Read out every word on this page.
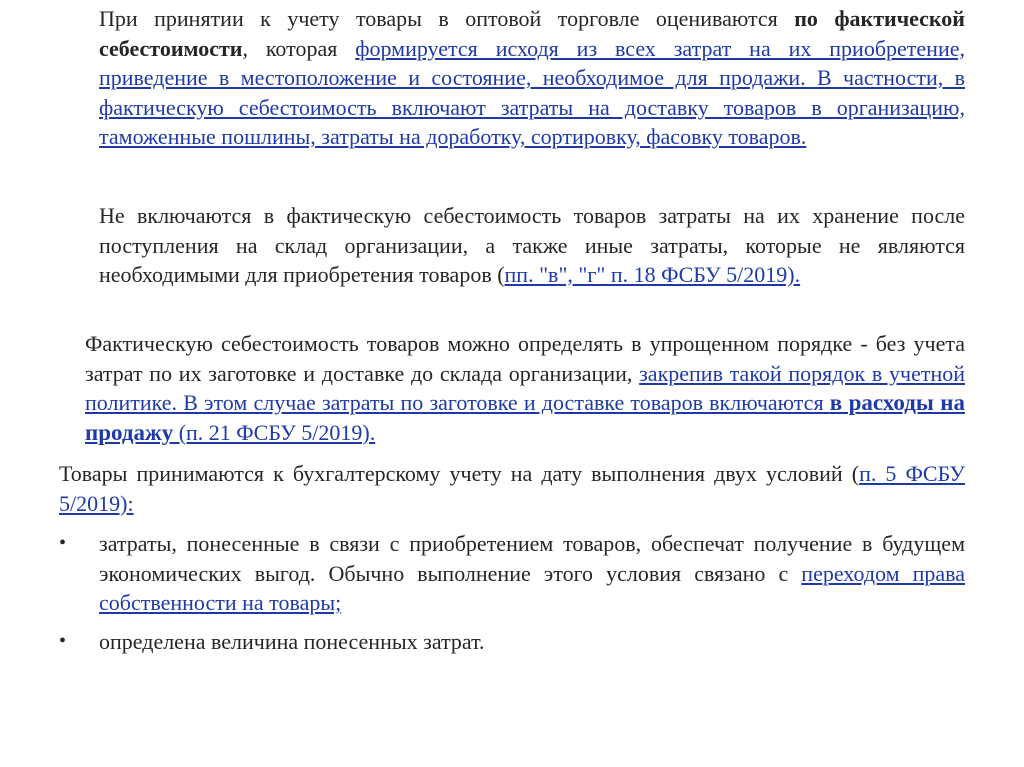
При принятии к учету товары в оптовой торговле оцениваются по фактической себестоимости, которая формируется исходя из всех затрат на их приобретение, приведение в местоположение и состояние, необходимое для продажи. В частности, в фактическую себестоимость включают затраты на доставку товаров в организацию, таможенные пошлины, затраты на доработку, сортировку, фасовку товаров.
Не включаются в фактическую себестоимость товаров затраты на их хранение после поступления на склад организации, а также иные затраты, которые не являются необходимыми для приобретения товаров (пп. "в", "г" п. 18 ФСБУ 5/2019).
Фактическую себестоимость товаров можно определять в упрощенном порядке - без учета затрат по их заготовке и доставке до склада организации, закрепив такой порядок в учетной политике. В этом случае затраты по заготовке и доставке товаров включаются в расходы на продажу (п. 21 ФСБУ 5/2019).
Товары принимаются к бухгалтерскому учету на дату выполнения двух условий (п. 5 ФСБУ 5/2019):
• затраты, понесенные в связи с приобретением товаров, обеспечат получение в будущем экономических выгод. Обычно выполнение этого условия связано с переходом права собственности на товары;
• определена величина понесенных затрат.
